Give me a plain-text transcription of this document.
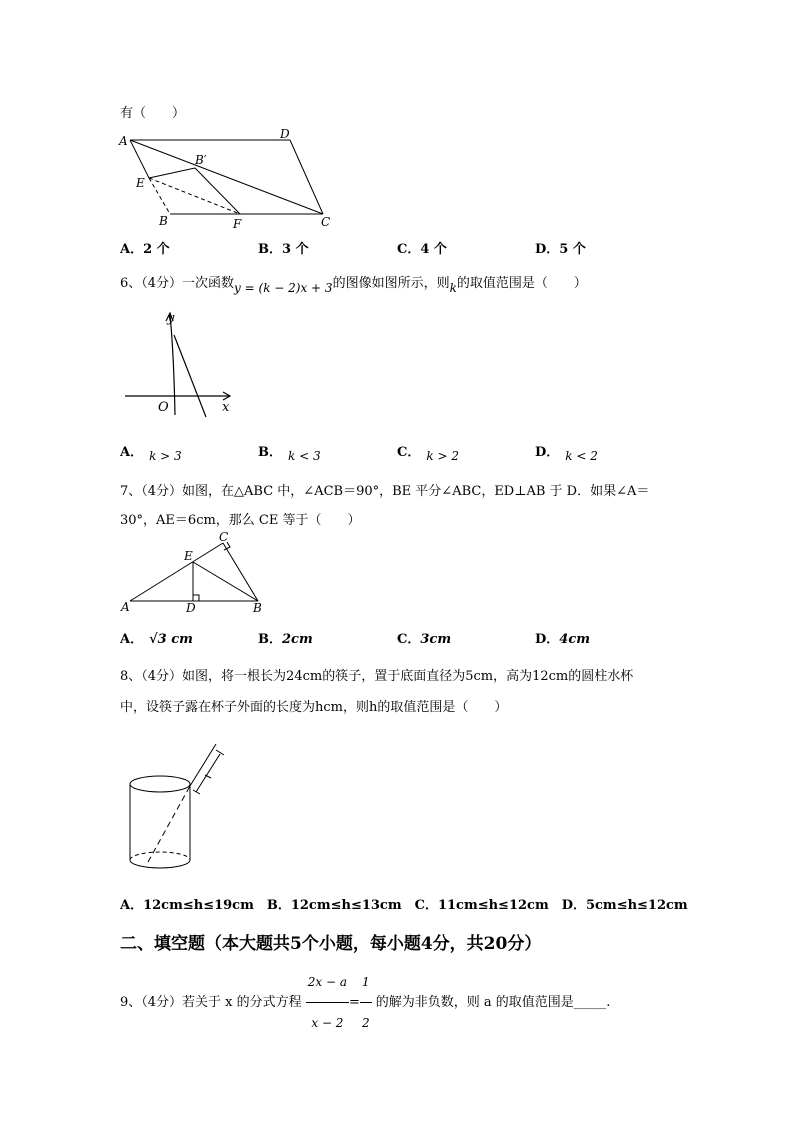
有（　　）
A	D
B′
E
B	F	C
A．2 个	B．3 个	C．4 个	D．5 个
6、（4分）一次函数y = (k − 2)x + 3的图像如图所示，则k的取值范围是（　　）
y
x
O
A． k > 3	B． k < 3	C． k > 2	D． k < 2
7、（4分）如图，在△ABC 中，∠ACB＝90°，BE 平分∠ABC，ED⊥AB 于 D．如果∠A＝
30°，AE＝6cm，那么 CE 等于（　　）
A	B
C
D
E
A． √3 cm	B．2cm	C．3cm	D．4cm
8、（4分）如图，将一根长为24cm的筷子，置于底面直径为5cm，高为12cm的圆柱水杯
中，设筷子露在杯子外面的长度为hcm，则h的取值范围是（　　）
A．12cm≤h≤19cm　B．12cm≤h≤13cm　C．11cm≤h≤12cm　D．5cm≤h≤12cm
二、填空题（本大题共5个小题，每小题4分，共20分）
9、（4分）若关于 x 的分式方程 $\frac{2x - a}{x - 2} = \frac{1}{2}$ 的解为非负数，则 a 的取值范围是_____.
